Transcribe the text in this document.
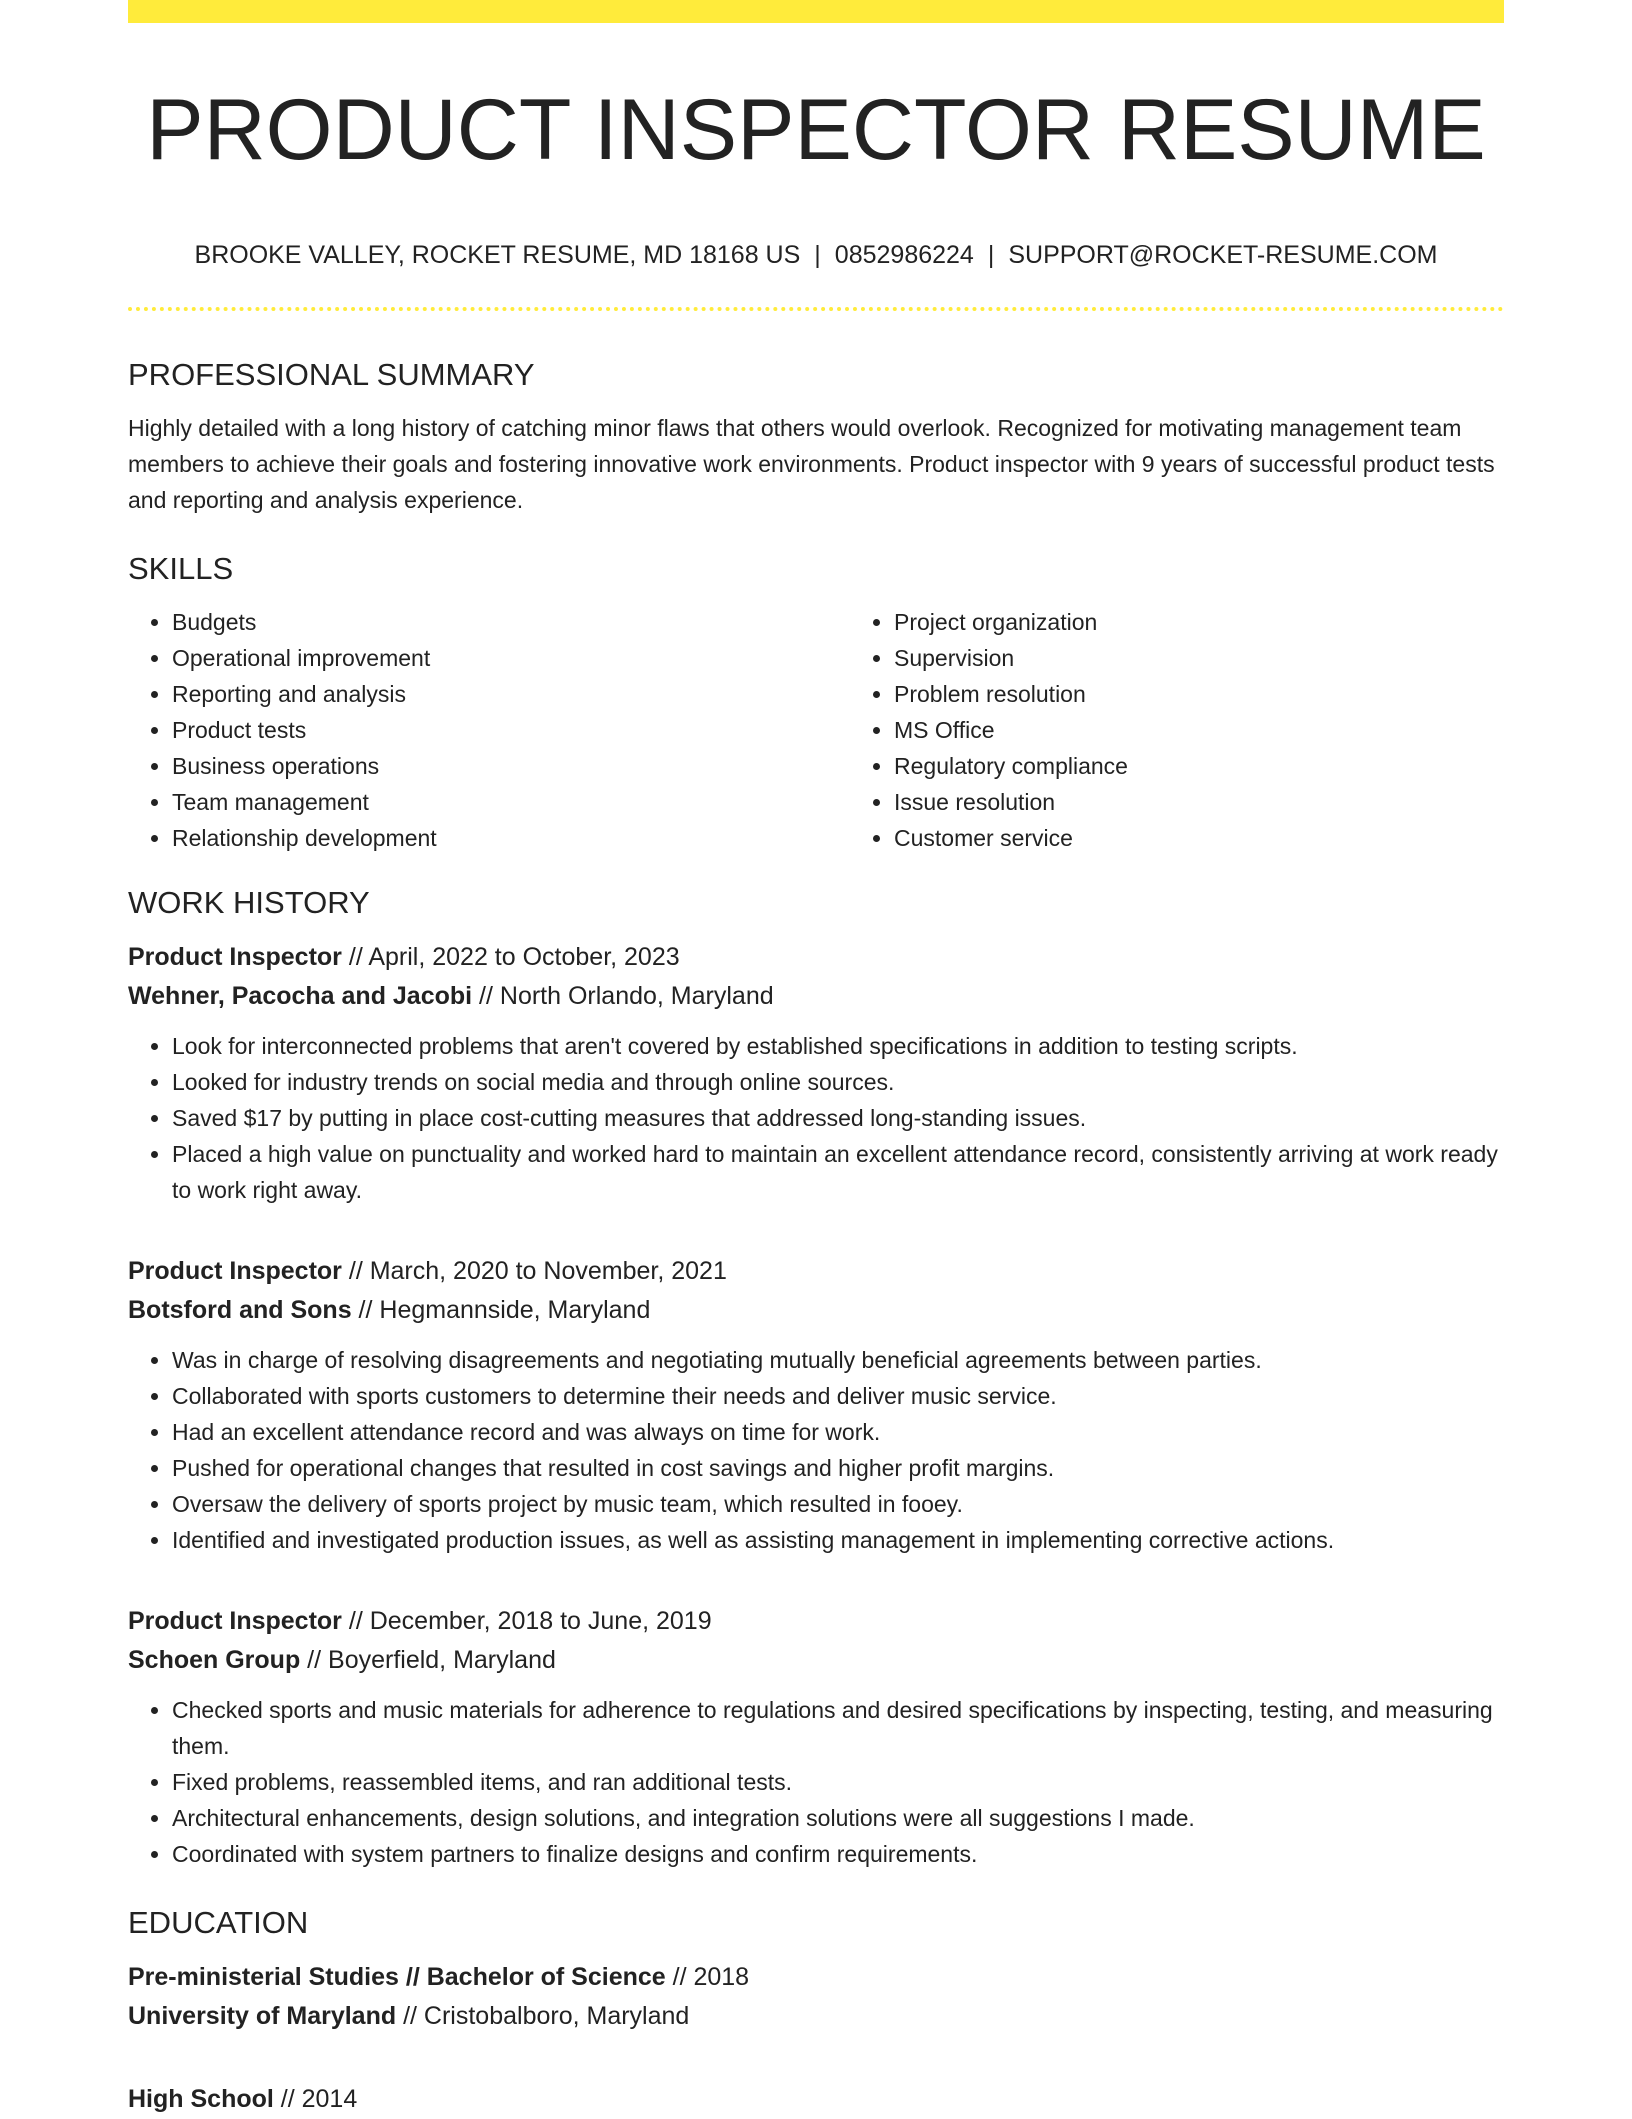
PRODUCT INSPECTOR RESUME
BROOKE VALLEY, ROCKET RESUME, MD 18168 US | 0852986224 | SUPPORT@ROCKET-RESUME.COM
PROFESSIONAL SUMMARY

Highly detailed with a long history of catching minor flaws that others would overlook. Recognized for motivating management team members to achieve their goals and fostering innovative work environments. Product inspector with 9 years of successful product tests and reporting and analysis experience.

SKILLS
• Budgets
• Operational improvement
• Reporting and analysis
• Product tests
• Business operations
• Team management
• Relationship development
• Project organization
• Supervision
• Problem resolution
• MS Office
• Regulatory compliance
• Issue resolution
• Customer service
WORK HISTORY
Product Inspector // April, 2022 to October, 2023
Wehner, Pacocha and Jacobi // North Orlando, Maryland
• Look for interconnected problems that aren't covered by established specifications in addition to testing scripts.
• Looked for industry trends on social media and through online sources.
• Saved $17 by putting in place cost-cutting measures that addressed long-standing issues.
• Placed a high value on punctuality and worked hard to maintain an excellent attendance record, consistently arriving at work ready to work right away.
Product Inspector // March, 2020 to November, 2021
Botsford and Sons // Hegmannside, Maryland
• Was in charge of resolving disagreements and negotiating mutually beneficial agreements between parties.
• Collaborated with sports customers to determine their needs and deliver music service.
• Had an excellent attendance record and was always on time for work.
• Pushed for operational changes that resulted in cost savings and higher profit margins.
• Oversaw the delivery of sports project by music team, which resulted in fooey.
• Identified and investigated production issues, as well as assisting management in implementing corrective actions.
Product Inspector // December, 2018 to June, 2019
Schoen Group // Boyerfield, Maryland
• Checked sports and music materials for adherence to regulations and desired specifications by inspecting, testing, and measuring them.
• Fixed problems, reassembled items, and ran additional tests.
• Architectural enhancements, design solutions, and integration solutions were all suggestions I made.
• Coordinated with system partners to finalize designs and confirm requirements.
EDUCATION
Pre-ministerial Studies // Bachelor of Science // 2018
University of Maryland // Cristobalboro, Maryland
High School // 2014
